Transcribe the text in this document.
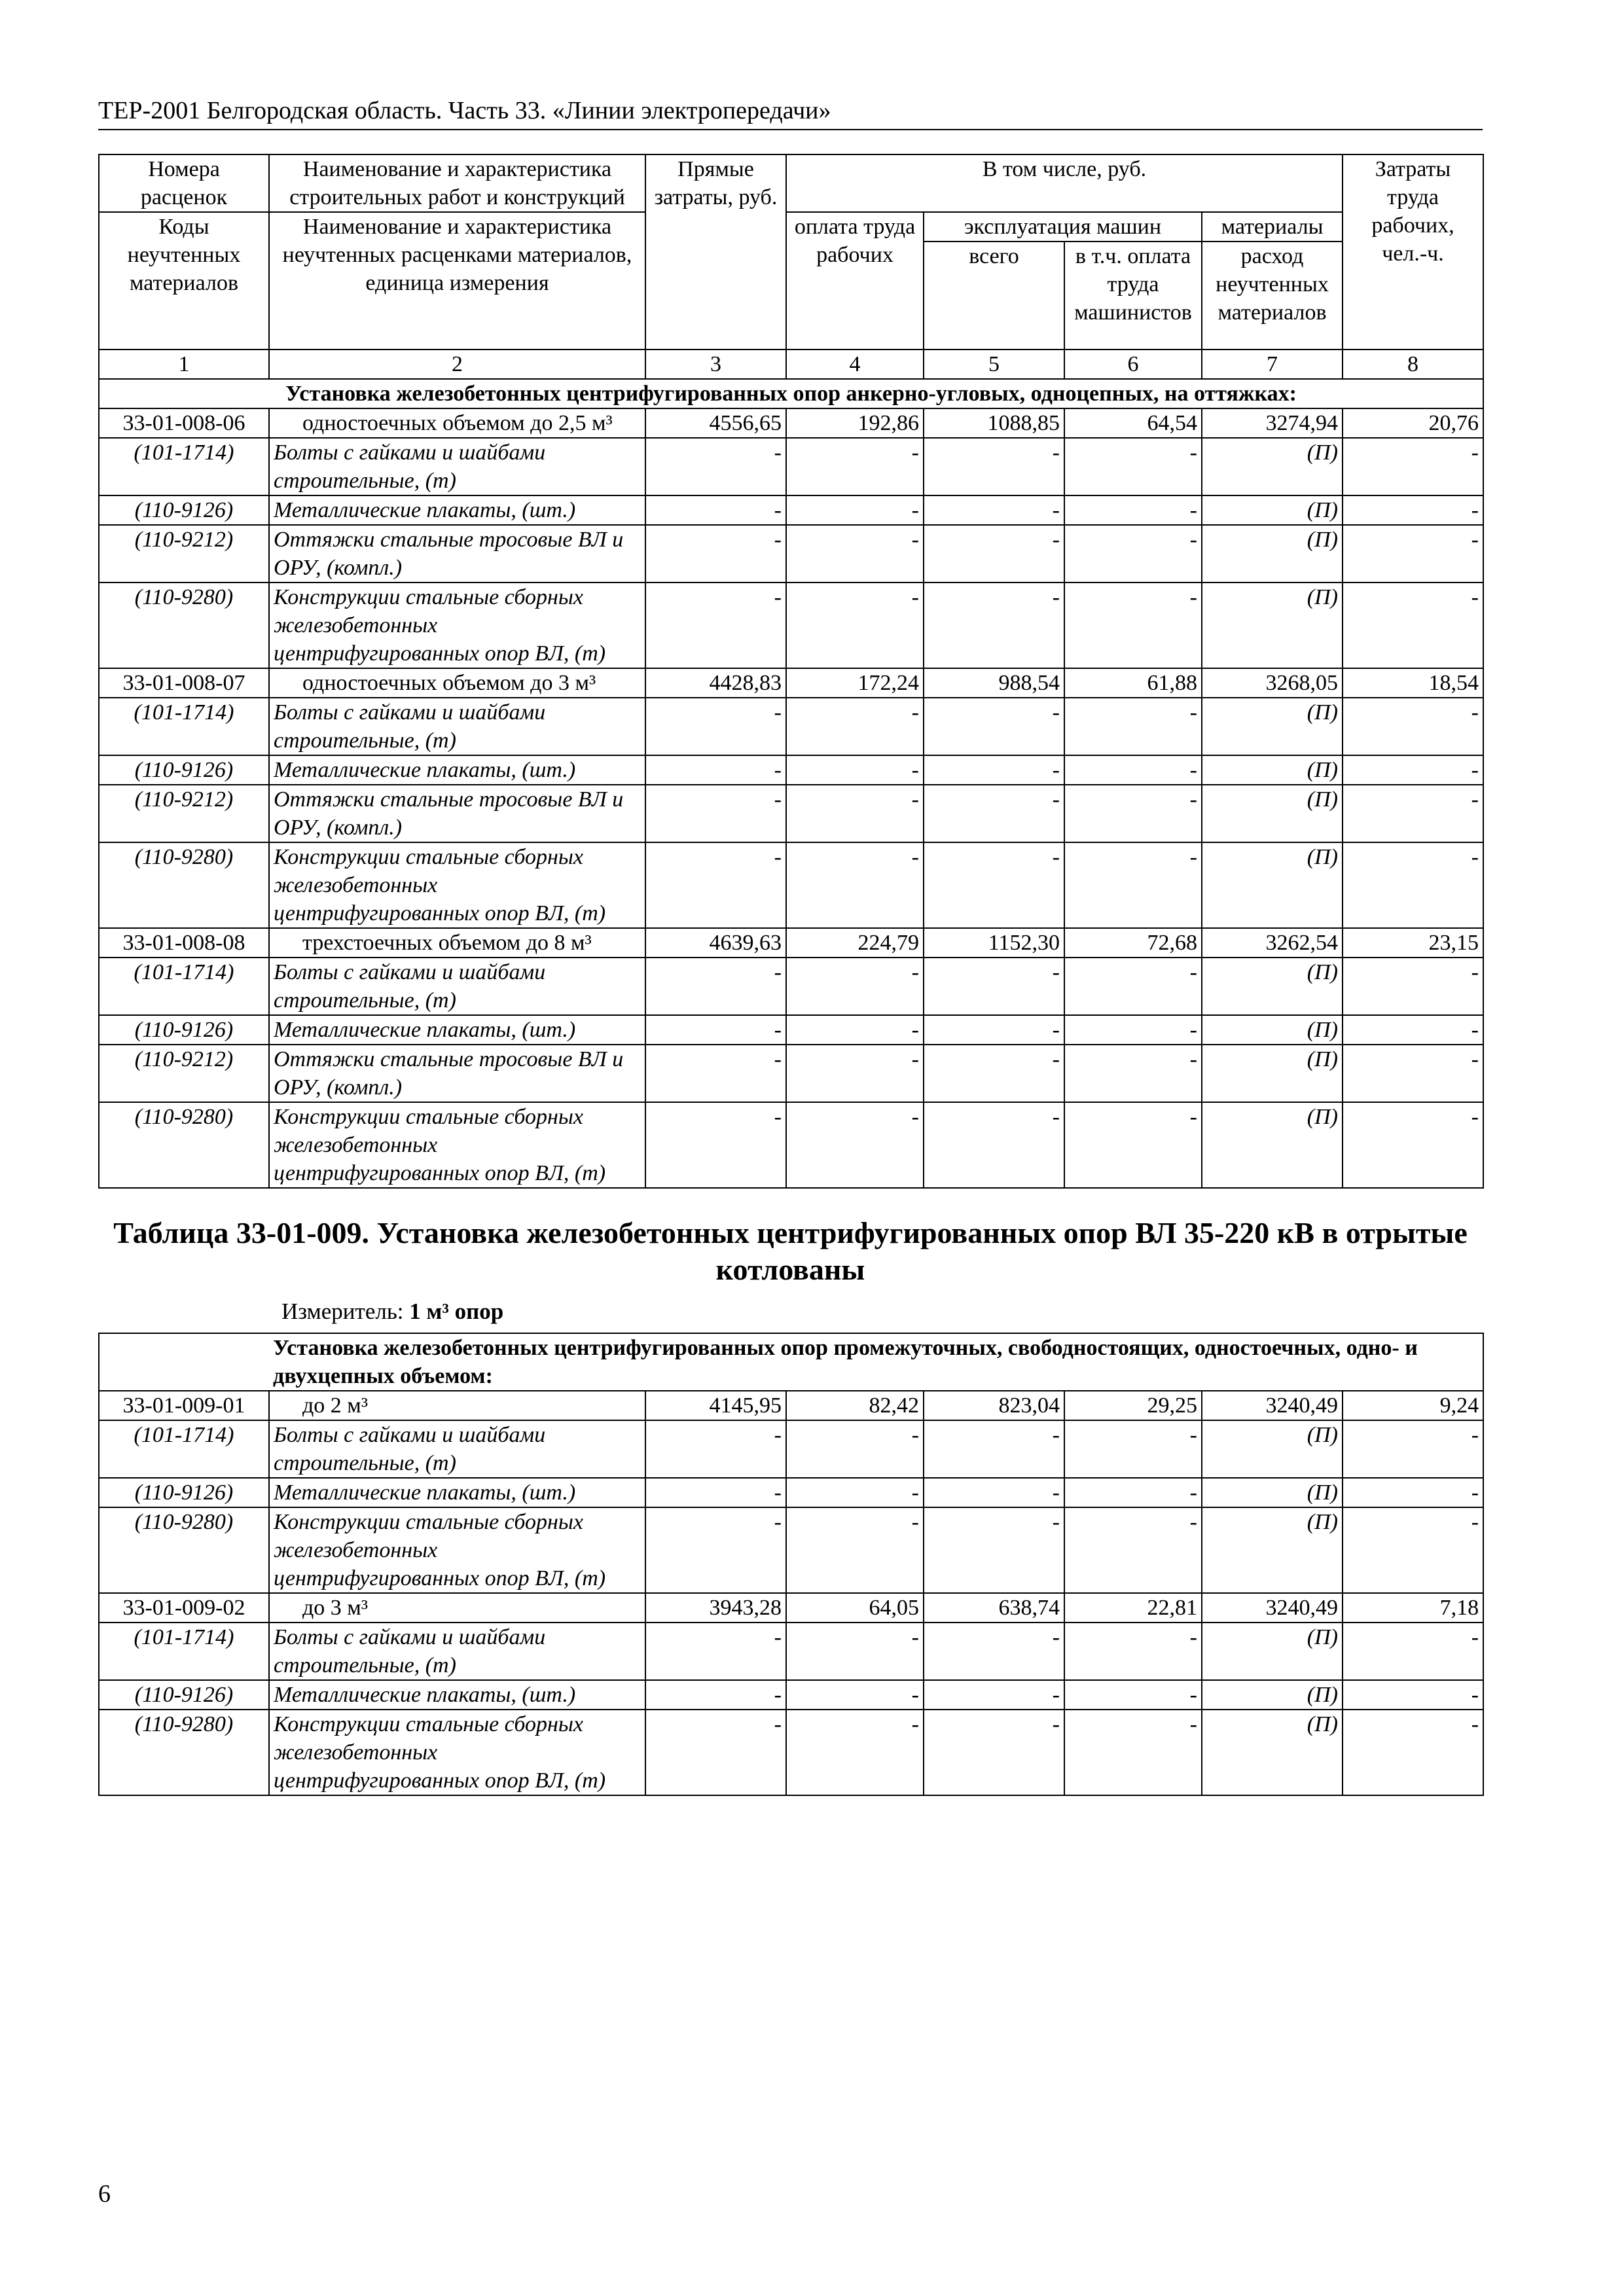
ТЕР-2001 Белгородская область. Часть 33. «Линии электропередачи»
Номера расценок	Наименование и характеристика строительных работ и конструкций	Прямые затраты, руб.	В том числе, руб.				Затраты труда рабочих, чел.-ч.
Коды неучтенных материалов	Наименование и характеристика неучтенных расценками материалов, единица измерения		оплата труда рабочих	эксплуатация машин		материалы	
				всего	в т.ч. оплата труда машинистов	расход неучтенных материалов	
1	2	3	4	5	6	7	8
Установка железобетонных центрифугированных опор анкерно-угловых, одноцепных, на оттяжках:							
33-01-008-06	одностоечных объемом до 2,5 м³	4556,65	192,86	1088,85	64,54	3274,94	20,76
(101-1714)	Болты с гайками и шайбами строительные, (т)	-	-	-	-	(П)	-
(110-9126)	Металлические плакаты, (шт.)	-	-	-	-	(П)	-
(110-9212)	Оттяжки стальные тросовые ВЛ и ОРУ, (компл.)	-	-	-	-	(П)	-
(110-9280)	Конструкции стальные сборных железобетонных центрифугированных опор ВЛ, (т)	-	-	-	-	(П)	-
33-01-008-07	одностоечных объемом до 3 м³	4428,83	172,24	988,54	61,88	3268,05	18,54
(101-1714)	Болты с гайками и шайбами строительные, (т)	-	-	-	-	(П)	-
(110-9126)	Металлические плакаты, (шт.)	-	-	-	-	(П)	-
(110-9212)	Оттяжки стальные тросовые ВЛ и ОРУ, (компл.)	-	-	-	-	(П)	-
(110-9280)	Конструкции стальные сборных железобетонных центрифугированных опор ВЛ, (т)	-	-	-	-	(П)	-
33-01-008-08	трехстоечных объемом до 8 м³	4639,63	224,79	1152,30	72,68	3262,54	23,15
(101-1714)	Болты с гайками и шайбами строительные, (т)	-	-	-	-	(П)	-
(110-9126)	Металлические плакаты, (шт.)	-	-	-	-	(П)	-
(110-9212)	Оттяжки стальные тросовые ВЛ и ОРУ, (компл.)	-	-	-	-	(П)	-
(110-9280)	Конструкции стальные сборных железобетонных центрифугированных опор ВЛ, (т)	-	-	-	-	(П)	-
Таблица 33-01-009. Установка железобетонных центрифугированных опор ВЛ 35-220 кВ в отрытые котлованы
Измеритель: 1 м³ опор
Установка железобетонных центрифугированных опор промежуточных, свободностоящих, одностоечных, одно- и двухцепных объемом:							
33-01-009-01	до 2 м³	4145,95	82,42	823,04	29,25	3240,49	9,24
(101-1714)	Болты с гайками и шайбами строительные, (т)	-	-	-	-	(П)	-
(110-9126)	Металлические плакаты, (шт.)	-	-	-	-	(П)	-
(110-9280)	Конструкции стальные сборных железобетонных центрифугированных опор ВЛ, (т)	-	-	-	-	(П)	-
33-01-009-02	до 3 м³	3943,28	64,05	638,74	22,81	3240,49	7,18
(101-1714)	Болты с гайками и шайбами строительные, (т)	-	-	-	-	(П)	-
(110-9126)	Металлические плакаты, (шт.)	-	-	-	-	(П)	-
(110-9280)	Конструкции стальные сборных железобетонных центрифугированных опор ВЛ, (т)	-	-	-	-	(П)	-
6
